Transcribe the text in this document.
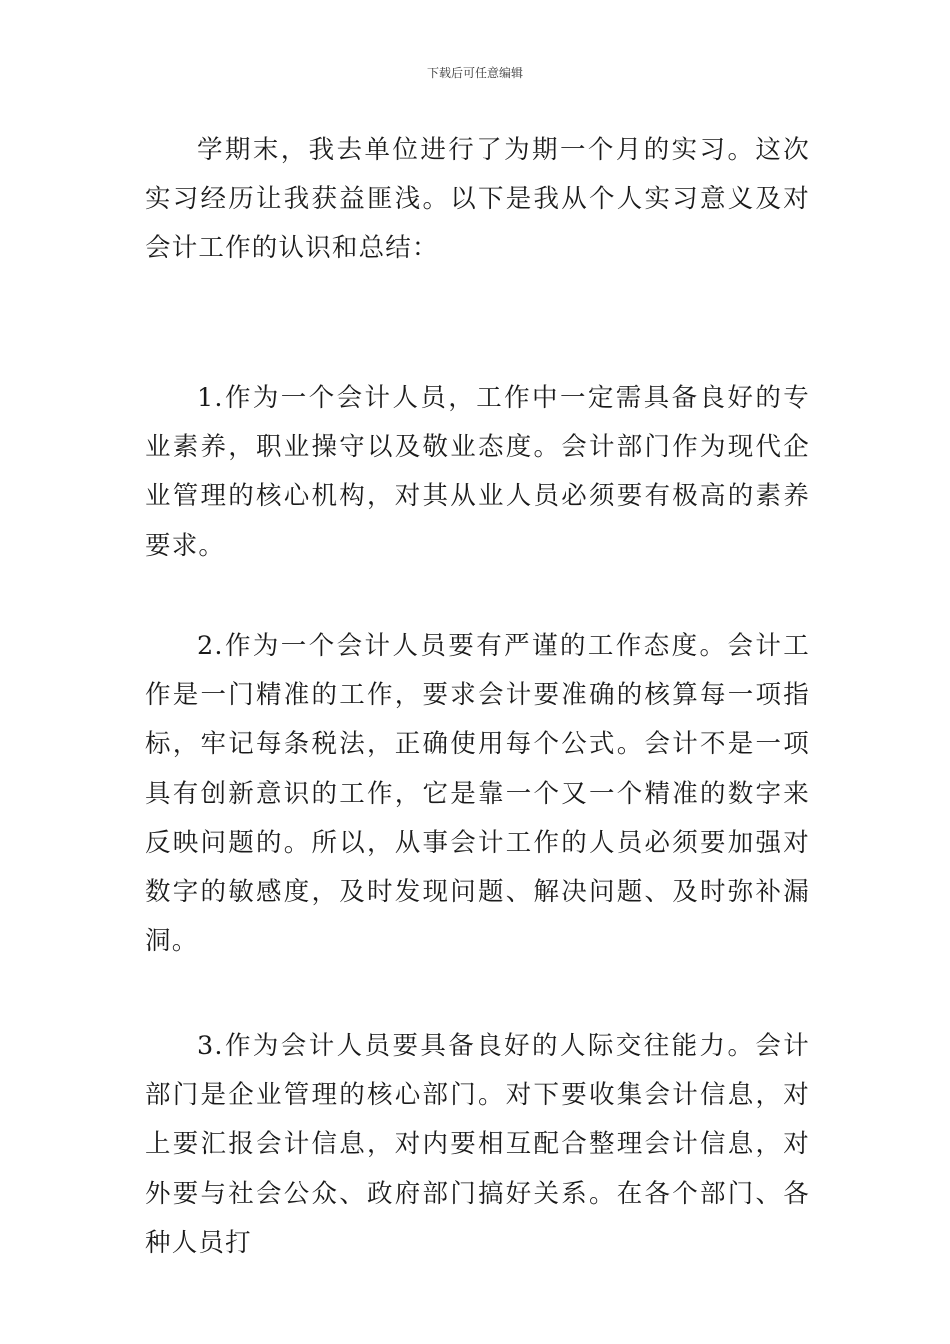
下载后可任意编辑

学期末，我去单位进行了为期一个月的实习。这次实习经历让我获益匪浅。以下是我从个人实习意义及对会计工作的认识和总结：

1.作为一个会计人员，工作中一定需具备良好的专业素养，职业操守以及敬业态度。会计部门作为现代企业管理的核心机构，对其从业人员必须要有极高的素养要求。

2.作为一个会计人员要有严谨的工作态度。会计工作是一门精准的工作，要求会计要准确的核算每一项指标，牢记每条税法，正确使用每个公式。会计不是一项具有创新意识的工作，它是靠一个又一个精准的数字来反映问题的。所以，从事会计工作的人员必须要加强对数字的敏感度，及时发现问题、解决问题、及时弥补漏洞。

3.作为会计人员要具备良好的人际交往能力。会计部门是企业管理的核心部门。对下要收集会计信息，对上要汇报会计信息，对内要相互配合整理会计信息，对外要与社会公众、政府部门搞好关系。在各个部门、各种人员打
